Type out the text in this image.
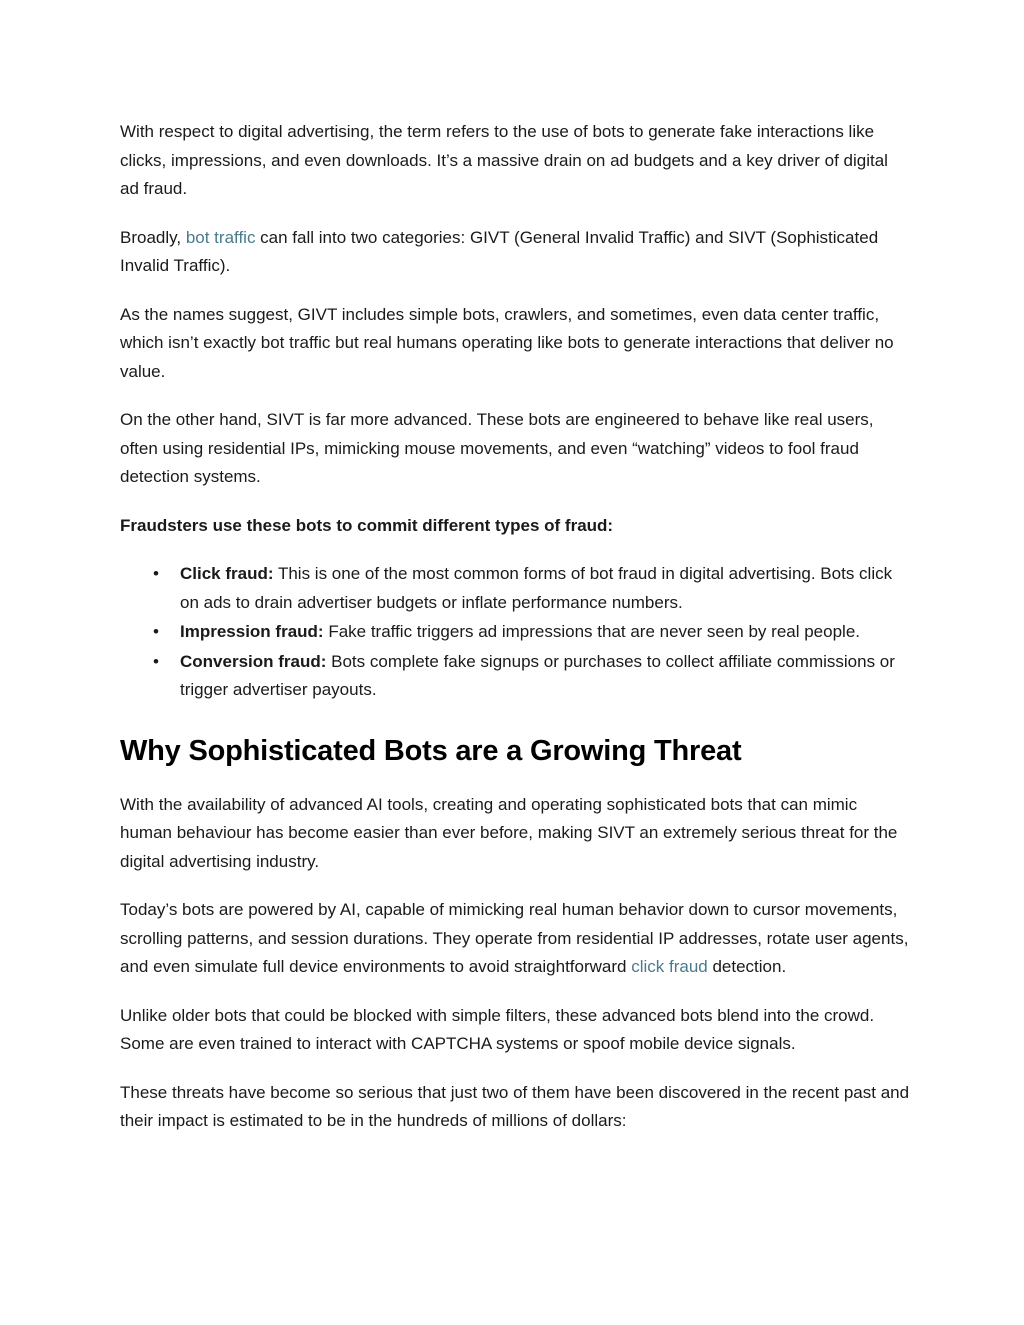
With respect to digital advertising, the term refers to the use of bots to generate fake interactions like clicks, impressions, and even downloads. It’s a massive drain on ad budgets and a key driver of digital ad fraud.

Broadly, bot traffic can fall into two categories: GIVT (General Invalid Traffic) and SIVT (Sophisticated Invalid Traffic).

As the names suggest, GIVT includes simple bots, crawlers, and sometimes, even data center traffic, which isn’t exactly bot traffic but real humans operating like bots to generate interactions that deliver no value.

On the other hand, SIVT is far more advanced. These bots are engineered to behave like real users, often using residential IPs, mimicking mouse movements, and even “watching” videos to fool fraud detection systems.

Fraudsters use these bots to commit different types of fraud:

• Click fraud: This is one of the most common forms of bot fraud in digital advertising. Bots click on ads to drain advertiser budgets or inflate performance numbers.
• Impression fraud: Fake traffic triggers ad impressions that are never seen by real people.
• Conversion fraud: Bots complete fake signups or purchases to collect affiliate commissions or trigger advertiser payouts.
Why Sophisticated Bots are a Growing Threat

With the availability of advanced AI tools, creating and operating sophisticated bots that can mimic human behaviour has become easier than ever before, making SIVT an extremely serious threat for the digital advertising industry.

Today’s bots are powered by AI, capable of mimicking real human behavior down to cursor movements, scrolling patterns, and session durations. They operate from residential IP addresses, rotate user agents, and even simulate full device environments to avoid straightforward click fraud detection.

Unlike older bots that could be blocked with simple filters, these advanced bots blend into the crowd. Some are even trained to interact with CAPTCHA systems or spoof mobile device signals.

These threats have become so serious that just two of them have been discovered in the recent past and their impact is estimated to be in the hundreds of millions of dollars:
